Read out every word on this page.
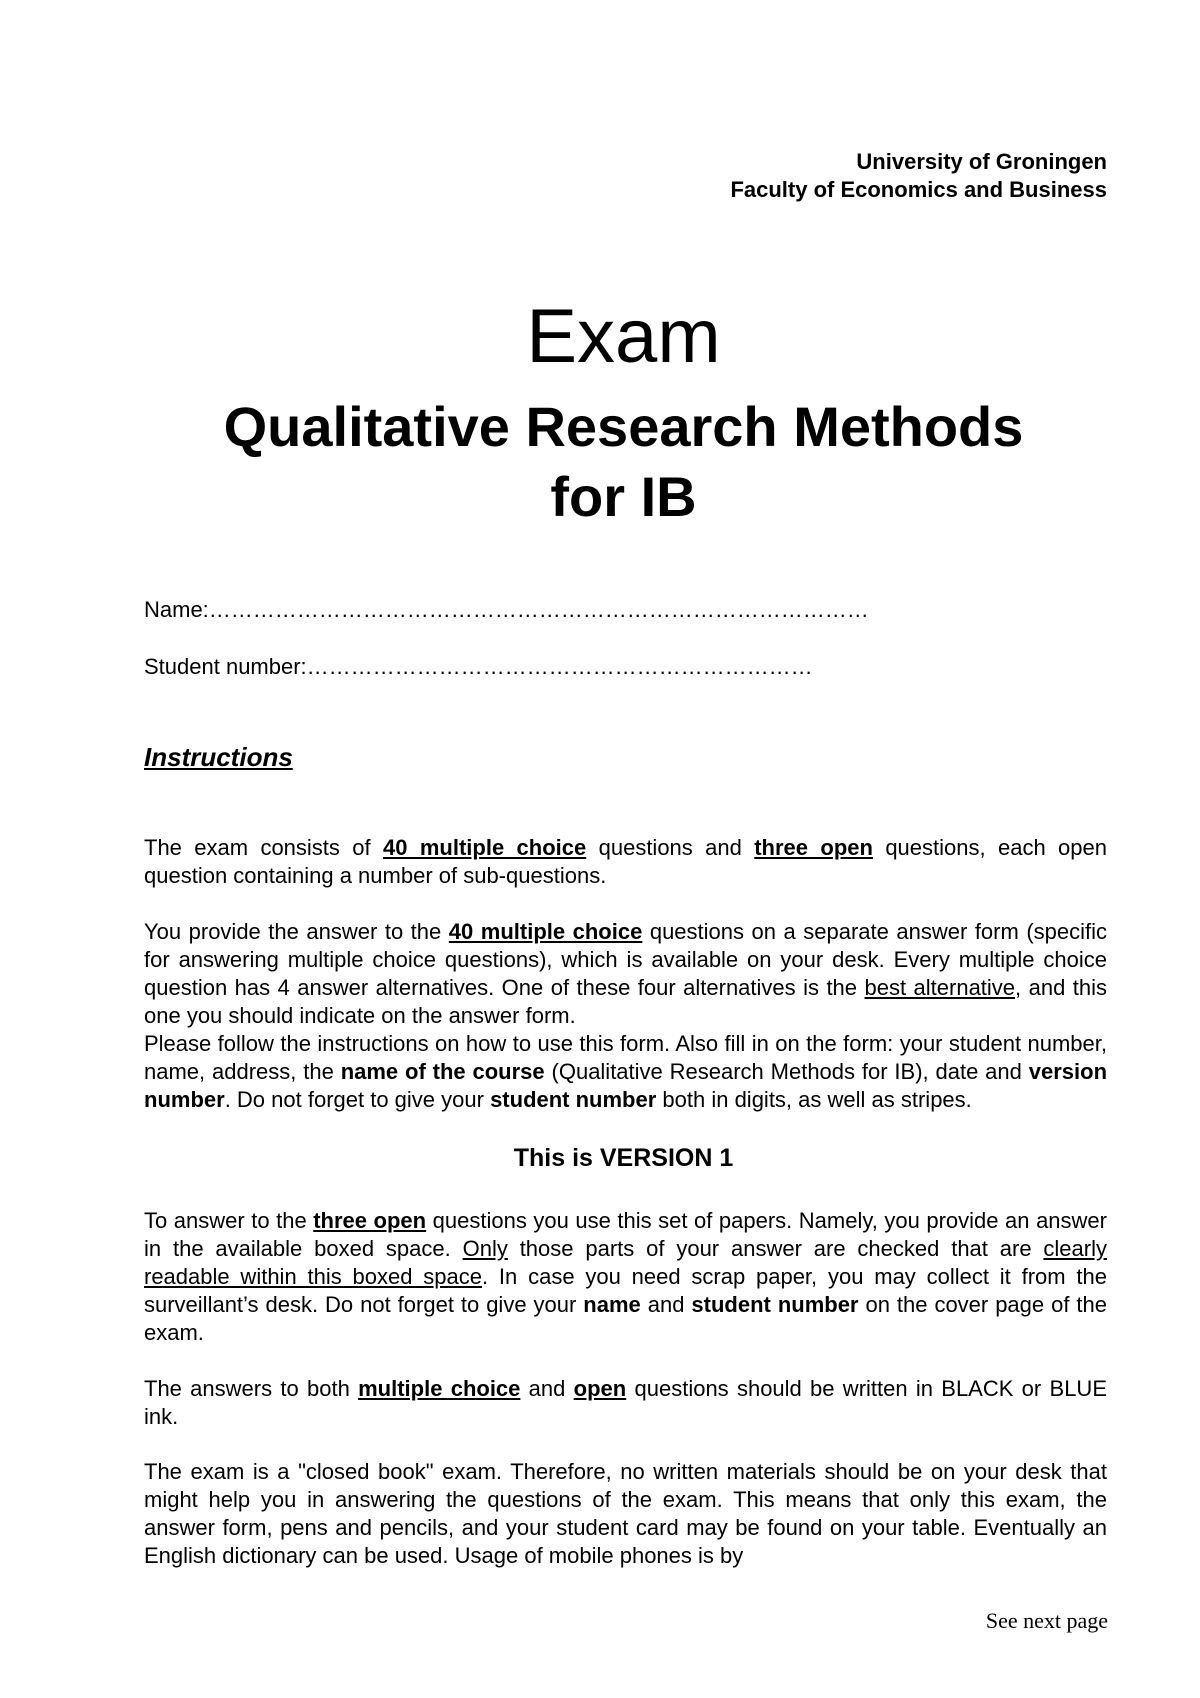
University of Groningen
Faculty of Economics and Business
Exam
Qualitative Research Methods
for IB
Name:………………………………………………………………………………
Student number:……………………………………………………………
Instructions
The exam consists of 40 multiple choice questions and three open questions, each open question containing a number of sub-questions.
You provide the answer to the 40 multiple choice questions on a separate answer form (specific for answering multiple choice questions), which is available on your desk. Every multiple choice question has 4 answer alternatives. One of these four alternatives is the best alternative, and this one you should indicate on the answer form.
Please follow the instructions on how to use this form. Also fill in on the form: your student number, name, address, the name of the course (Qualitative Research Methods for IB), date and version number. Do not forget to give your student number both in digits, as well as stripes.
This is VERSION 1
To answer to the three open questions you use this set of papers. Namely, you provide an answer in the available boxed space. Only those parts of your answer are checked that are clearly readable within this boxed space. In case you need scrap paper, you may collect it from the surveillant’s desk. Do not forget to give your name and student number on the cover page of the exam.
The answers to both multiple choice and open questions should be written in BLACK or BLUE ink.
The exam is a "closed book" exam. Therefore, no written materials should be on your desk that might help you in answering the questions of the exam. This means that only this exam, the answer form, pens and pencils, and your student card may be found on your table. Eventually an English dictionary can be used. Usage of mobile phones is by
See next page
